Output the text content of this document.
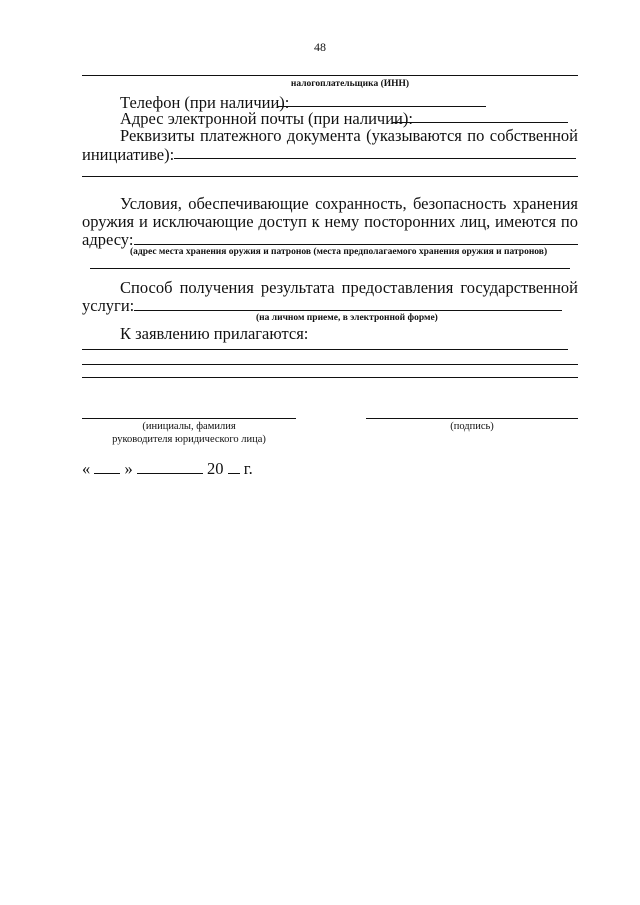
48
налогоплательщика (ИНН)
Телефон (при наличии):
Адрес электронной почты (при наличии):
Реквизиты платежного документа (указываются по собственной
инициативе):
Условия, обеспечивающие сохранность, безопасность хранения
оружия и исключающие доступ к нему посторонних лиц, имеются по
адресу:
(адрес места хранения оружия и патронов (места предполагаемого хранения оружия и патронов)
Способ получения результата предоставления государственной
услуги:
(на личном приеме, в электронной форме)
К заявлению прилагаются:
(инициалы, фамилия
руководителя юридического лица)
(подпись)
« »	20 г.
